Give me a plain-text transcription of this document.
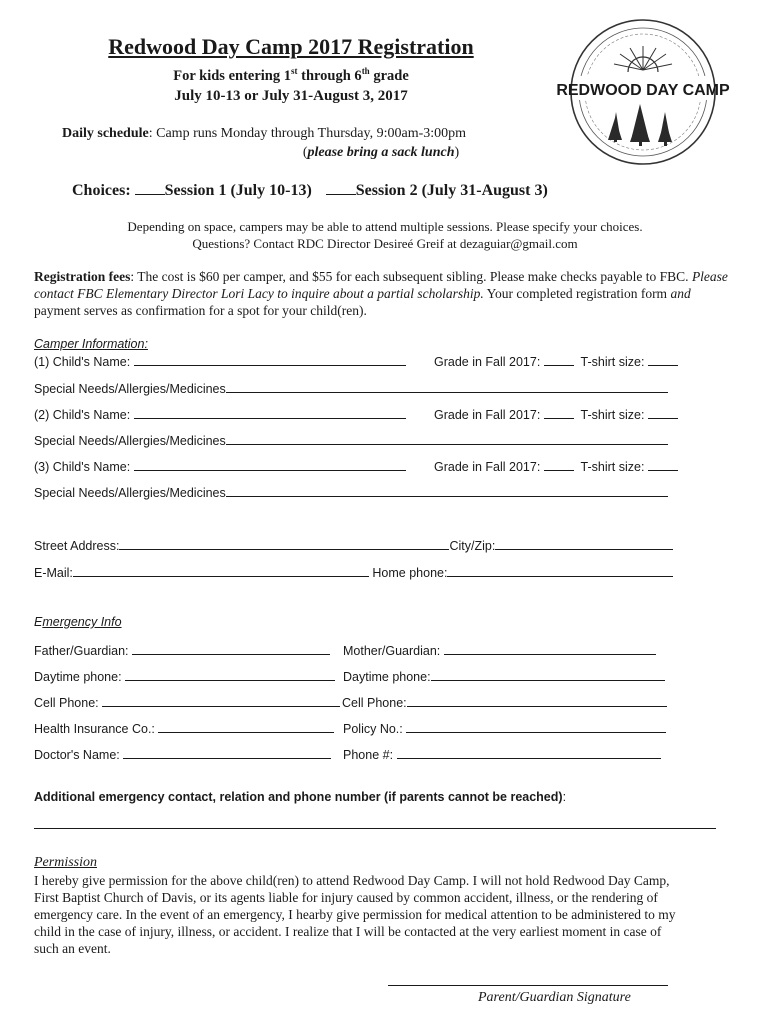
Redwood Day Camp 2017 Registration
For kids entering 1st through 6th grade
July 10-13 or July 31-August 3, 2017
Daily schedule: Camp runs Monday through Thursday, 9:00am-3:00pm
(please bring a sack lunch)
REDWOOD DAY CAMP
Choices: Session 1 (July 10-13)	Session 2 (July 31-August 3)
Depending on space, campers may be able to attend multiple sessions. Please specify your choices.
Questions? Contact RDC Director Desireé Greif at dezaguiar@gmail.com
Registration fees: The cost is $60 per camper, and $55 for each subsequent sibling. Please make checks payable to FBC. Please contact FBC Elementary Director Lori Lacy to inquire about a partial scholarship. Your completed registration form and payment serves as confirmation for a spot for your child(ren).
Camper Information:
(1) Child's Name:	Grade in Fall 2017:	T-shirt size:
Special Needs/Allergies/Medicines
(2) Child's Name:	Grade in Fall 2017:	T-shirt size:
Special Needs/Allergies/Medicines
(3) Child's Name:	Grade in Fall 2017:	T-shirt size:
Special Needs/Allergies/Medicines
Street Address:	City/Zip:
E-Mail:	Home phone:
Emergency Info
Father/Guardian:	Mother/Guardian:
Daytime phone:	Daytime phone:
Cell Phone:	Cell Phone:
Health Insurance Co.:	Policy No.:
Doctor's Name:	Phone #:
Additional emergency contact, relation and phone number (if parents cannot be reached):
Permission
I hereby give permission for the above child(ren) to attend Redwood Day Camp. I will not hold Redwood Day Camp,
First Baptist Church of Davis, or its agents liable for injury caused by common accident, illness, or the rendering of
emergency care. In the event of an emergency, I hearby give permission for medical attention to be administered to my
child in the case of injury, illness, or accident. I realize that I will be contacted at the very earliest moment in case of
such an event.
Parent/Guardian Signature
